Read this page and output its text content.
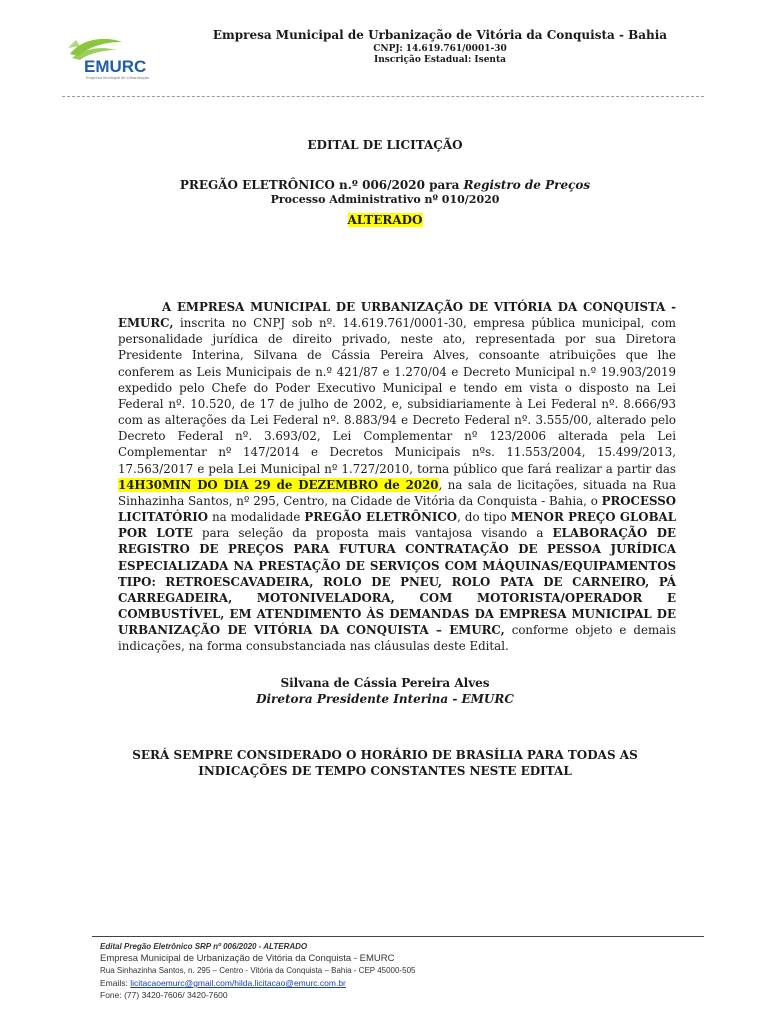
EMURC
Empresa Municipal de Urbanização
Empresa Municipal de Urbanização de Vitória da Conquista - Bahia
CNPJ: 14.619.761/0001-30
Inscrição Estadual: Isenta
EDITAL DE LICITAÇÃO
PREGÃO ELETRÔNICO n.º 006/2020 para Registro de Preços
Processo Administrativo nº 010/2020
ALTERADO
A EMPRESA MUNICIPAL DE URBANIZAÇÃO DE VITÓRIA DA CONQUISTA - EMURC, inscrita no CNPJ sob nº. 14.619.761/0001-30, empresa pública municipal, com personalidade jurídica de direito privado, neste ato, representada por sua Diretora Presidente Interina, Silvana de Cássia Pereira Alves, consoante atribuições que lhe conferem as Leis Municipais de n.º 421/87 e 1.270/04 e Decreto Municipal n.º 19.903/2019 expedido pelo Chefe do Poder Executivo Municipal e tendo em vista o disposto na Lei Federal nº. 10.520, de 17 de julho de 2002, e, subsidiariamente à Lei Federal nº. 8.666/93 com as alterações da Lei Federal nº. 8.883/94 e Decreto Federal nº. 3.555/00, alterado pelo Decreto Federal nº. 3.693/02, Lei Complementar nº 123/2006 alterada pela Lei Complementar nº 147/2014 e Decretos Municipais nºs. 11.553/2004, 15.499/2013, 17.563/2017 e pela Lei Municipal nº 1.727/2010, torna público que fará realizar a partir das 14H30MIN DO DIA 29 de DEZEMBRO de 2020, na sala de licitações, situada na Rua Sinhazinha Santos, nº 295, Centro, na Cidade de Vitória da Conquista - Bahia, o PROCESSO LICITATÓRIO na modalidade PREGÃO ELETRÔNICO, do tipo MENOR PREÇO GLOBAL POR LOTE para seleção da proposta mais vantajosa visando a ELABORAÇÃO DE REGISTRO DE PREÇOS PARA FUTURA CONTRATAÇÃO DE PESSOA JURÍDICA ESPECIALIZADA NA PRESTAÇÃO DE SERVIÇOS COM MÁQUINAS/EQUIPAMENTOS TIPO: RETROESCAVADEIRA, ROLO DE PNEU, ROLO PATA DE CARNEIRO, PÁ CARREGADEIRA, MOTONIVELADORA, COM MOTORISTA/OPERADOR E COMBUSTÍVEL, EM ATENDIMENTO ÀS DEMANDAS DA EMPRESA MUNICIPAL DE URBANIZAÇÃO DE VITÓRIA DA CONQUISTA – EMURC, conforme objeto e demais indicações, na forma consubstanciada nas cláusulas deste Edital.
Silvana de Cássia Pereira Alves
Diretora Presidente Interina - EMURC
SERÁ SEMPRE CONSIDERADO O HORÁRIO DE BRASÍLIA PARA TODAS AS
INDICAÇÕES DE TEMPO CONSTANTES NESTE EDITAL
Edital Pregão Eletrônico SRP nº 006/2020 - ALTERADO
Empresa Municipal de Urbanização de Vitória da Conquista - EMURC
Rua Sinhazinha Santos, n. 295 – Centro - Vitória da Conquista – Bahia - CEP 45000-505
Emails: licitacaoemurc@gmail.com/hilda.licitacao@emurc.com.br
Fone: (77) 3420-7606/ 3420-7600
